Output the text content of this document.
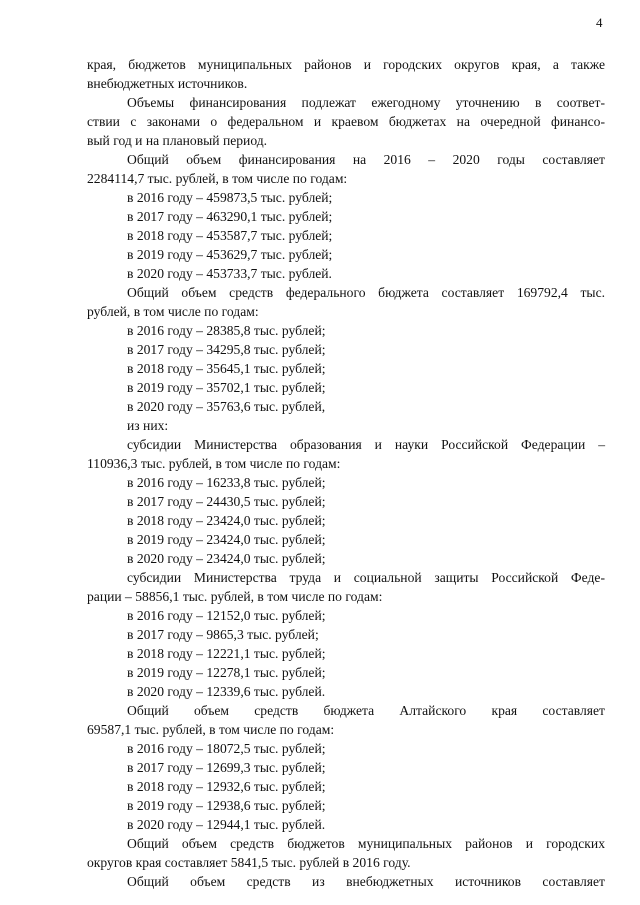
4
края, бюджетов муниципальных районов и городских округов края, а также
внебюджетных источников.
Объемы финансирования подлежат ежегодному уточнению в соответ-
ствии с законами о федеральном и краевом бюджетах на очередной финансо-
вый год и на плановый период.
Общий объем финансирования на 2016 – 2020 годы составляет
2284114,7 тыс. рублей, в том числе по годам:
в 2016 году – 459873,5 тыс. рублей;
в 2017 году – 463290,1 тыс. рублей;
в 2018 году – 453587,7 тыс. рублей;
в 2019 году – 453629,7 тыс. рублей;
в 2020 году – 453733,7 тыс. рублей.
Общий объем средств федерального бюджета составляет 169792,4 тыс.
рублей, в том числе по годам:
в 2016 году – 28385,8 тыс. рублей;
в 2017 году – 34295,8 тыс. рублей;
в 2018 году – 35645,1 тыс. рублей;
в 2019 году – 35702,1 тыс. рублей;
в 2020 году – 35763,6 тыс. рублей,
из них:
субсидии Министерства образования и науки Российской Федерации –
110936,3 тыс. рублей, в том числе по годам:
в 2016 году – 16233,8 тыс. рублей;
в 2017 году – 24430,5 тыс. рублей;
в 2018 году – 23424,0 тыс. рублей;
в 2019 году – 23424,0 тыс. рублей;
в 2020 году – 23424,0 тыс. рублей;
субсидии Министерства труда и социальной защиты Российской Феде-
рации – 58856,1 тыс. рублей, в том числе по годам:
в 2016 году – 12152,0 тыс. рублей;
в 2017 году – 9865,3 тыс. рублей;
в 2018 году – 12221,1 тыс. рублей;
в 2019 году – 12278,1 тыс. рублей;
в 2020 году – 12339,6 тыс. рублей.
Общий объем средств бюджета Алтайского края составляет
69587,1 тыс. рублей, в том числе по годам:
в 2016 году – 18072,5 тыс. рублей;
в 2017 году – 12699,3 тыс. рублей;
в 2018 году – 12932,6 тыс. рублей;
в 2019 году – 12938,6 тыс. рублей;
в 2020 году – 12944,1 тыс. рублей.
Общий объем средств бюджетов муниципальных районов и городских
округов края составляет 5841,5 тыс. рублей в 2016 году.
Общий объем средств из внебюджетных источников составляет
